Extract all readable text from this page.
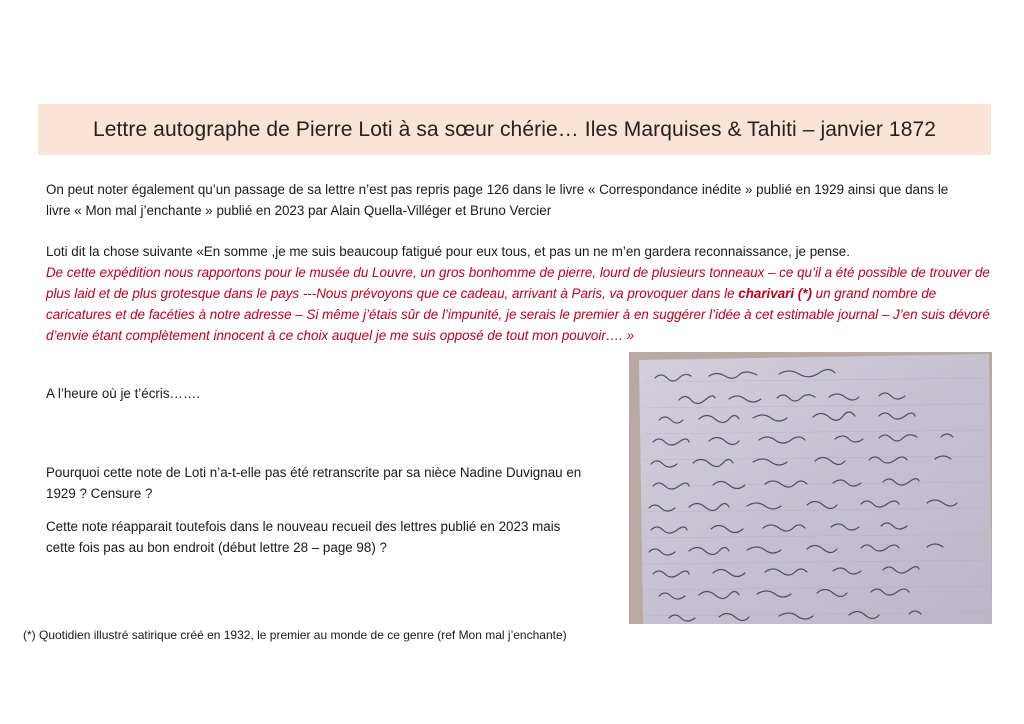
Lettre autographe de Pierre Loti à sa sœur chérie… Iles Marquises & Tahiti – janvier 1872

On peut noter également qu’un passage de sa lettre n’est pas repris page 126 dans le livre « Correspondance inédite » publié en 1929 ainsi que dans le livre « Mon mal j’enchante » publié en 2023 par Alain Quella-Villéger et Bruno Vercier

Loti dit la chose suivante «En somme ,je me suis beaucoup fatigué pour eux tous, et pas un ne m’en gardera reconnaissance, je pense.
De cette expédition nous rapportons pour le musée du Louvre, un gros bonhomme de pierre, lourd de plusieurs tonneaux – ce qu’il a été possible de trouver de plus laid et de plus grotesque dans le pays ---Nous prévoyons que ce cadeau, arrivant à Paris, va provoquer dans le charivari (*) un grand nombre de caricatures et de facéties à notre adresse – Si même j’étais sûr de l’impunité, je serais le premier à en suggérer l’idée à cet estimable journal – J’en suis dévoré d’envie étant complètement innocent à ce choix auquel je me suis opposé de tout mon pouvoir…. »

A l’heure où je t’écris…….

Pourquoi cette note de Loti n’a-t-elle pas été retranscrite par sa nièce Nadine Duvignau en 1929 ? Censure ?

Cette note réapparait toutefois dans le nouveau recueil des lettres publié en 2023 mais cette fois pas au bon endroit (début lettre 28 – page 98) ?

(*) Quotidien illustré satirique créé en 1932, le premier au monde de ce genre (ref Mon mal j’enchante)
